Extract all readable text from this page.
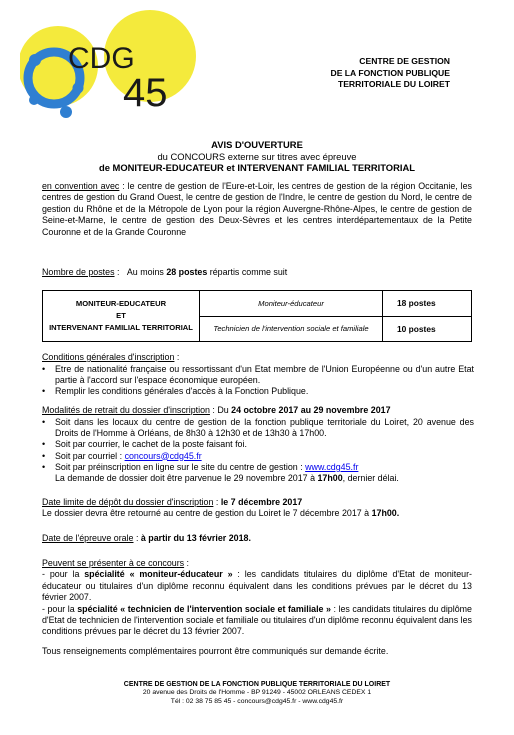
CDG
45
CENTRE DE GESTION
DE LA FONCTION PUBLIQUE
TERRITORIALE DU LOIRET
AVIS D'OUVERTURE
du CONCOURS externe sur titres avec épreuve
de MONITEUR-EDUCATEUR et INTERVENANT FAMILIAL TERRITORIAL
en convention avec : le centre de gestion de l'Eure-et-Loir, les centres de gestion de la région Occitanie, les centres de gestion du Grand Ouest, le centre de gestion de l'Indre, le centre de gestion du Nord, le centre de gestion du Rhône et de la Métropole de Lyon pour la région Auvergne-Rhône-Alpes, le centre de gestion de Seine-et-Marne, le centre de gestion des Deux-Sèvres et les centres interdépartementaux de la Petite Couronne et de la Grande Couronne
Nombre de postes : Au moins 28 postes répartis comme suit
MONITEUR-EDUCATEUR
ET
INTERVENANT FAMILIAL TERRITORIAL	Moniteur-éducateur	18 postes
	Technicien de l'intervention sociale et familiale	10 postes
Conditions générales d'inscription :
•	Etre de nationalité française ou ressortissant d'un Etat membre de l'Union Européenne ou d'un autre Etat partie à l'accord sur l'espace économique européen.
•	Remplir les conditions générales d'accès à la Fonction Publique.
Modalités de retrait du dossier d'inscription : Du 24 octobre 2017 au 29 novembre 2017
•	Soit dans les locaux du centre de gestion de la fonction publique territoriale du Loiret, 20 avenue des Droits de l'Homme à Orléans, de 8h30 à 12h30 et de 13h30 à 17h00.
•	Soit par courrier, le cachet de la poste faisant foi.
•	Soit par courriel : concours@cdg45.fr
•	Soit par préinscription en ligne sur le site du centre de gestion : www.cdg45.fr
La demande de dossier doit être parvenue le 29 novembre 2017 à 17h00, dernier délai.
Date limite de dépôt du dossier d'inscription : le 7 décembre 2017
Le dossier devra être retourné au centre de gestion du Loiret le 7 décembre 2017 à 17h00.
Date de l'épreuve orale : à partir du 13 février 2018.
Peuvent se présenter à ce concours :
- pour la spécialité « moniteur-éducateur » : les candidats titulaires du diplôme d'Etat de moniteur-éducateur ou titulaires d'un diplôme reconnu équivalent dans les conditions prévues par le décret du 13 février 2007.
- pour la spécialité « technicien de l'intervention sociale et familiale » : les candidats titulaires du diplôme d'Etat de technicien de l'intervention sociale et familiale ou titulaires d'un diplôme reconnu équivalent dans les conditions prévues par le décret du 13 février 2007.
Tous renseignements complémentaires pourront être communiqués sur demande écrite.
CENTRE DE GESTION DE LA FONCTION PUBLIQUE TERRITORIALE DU LOIRET
20 avenue des Droits de l'Homme - BP 91249 - 45002 ORLEANS CEDEX 1
Tél : 02 38 75 85 45 - concours@cdg45.fr - www.cdg45.fr
